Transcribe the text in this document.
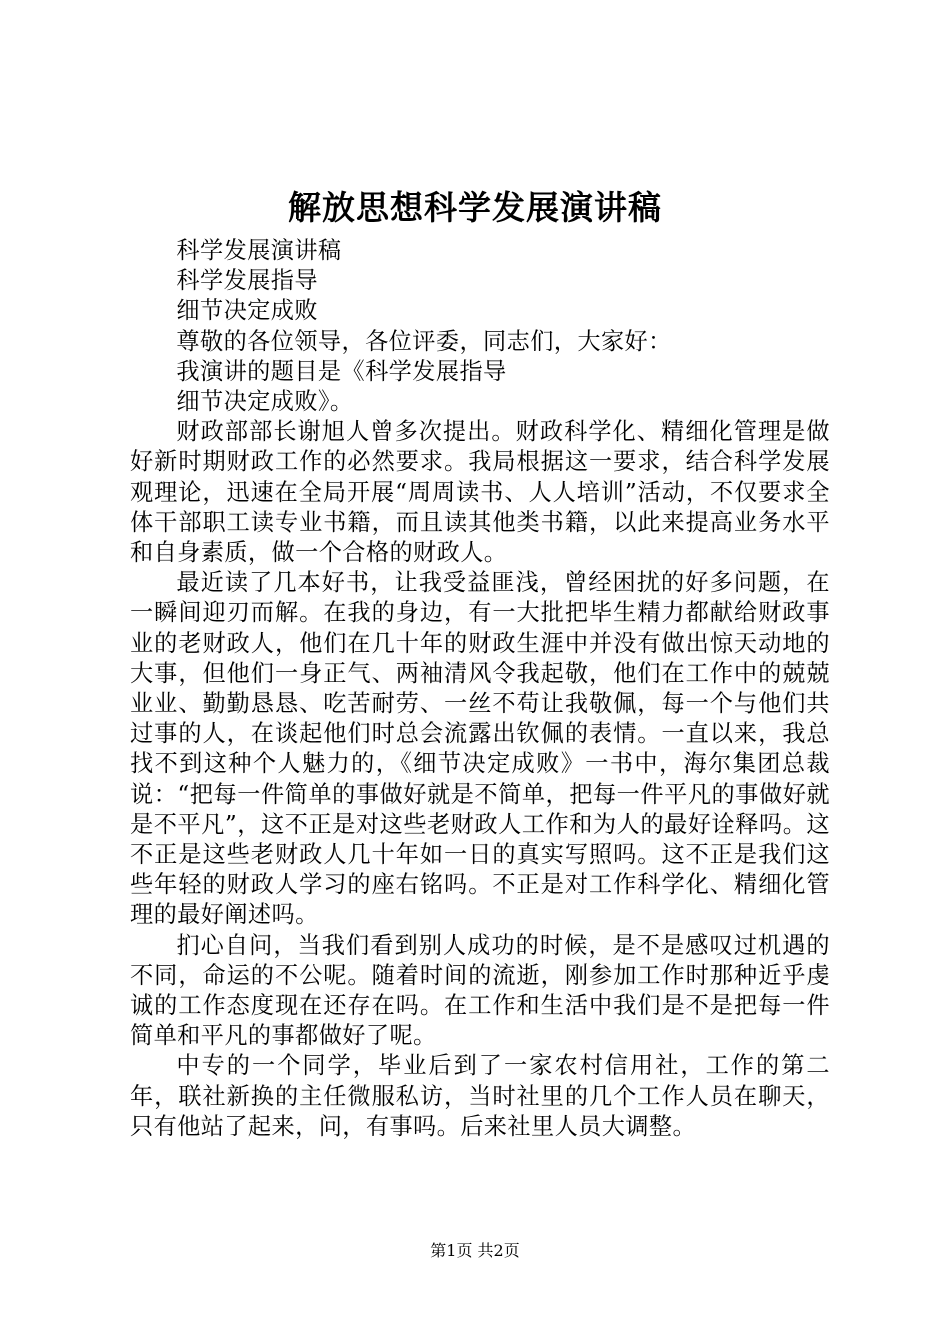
解放思想科学发展演讲稿

科学发展演讲稿

科学发展指导

细节决定成败

尊敬的各位领导，各位评委，同志们，大家好：

我演讲的题目是《科学发展指导

细节决定成败》。

财政部部长谢旭人曾多次提出。财政科学化、精细化管理是做好新时期财政工作的必然要求。我局根据这一要求，结合科学发展观理论，迅速在全局开展“周周读书、人人培训”活动，不仅要求全体干部职工读专业书籍，而且读其他类书籍，以此来提高业务水平和自身素质，做一个合格的财政人。

最近读了几本好书，让我受益匪浅，曾经困扰的好多问题，在一瞬间迎刃而解。在我的身边，有一大批把毕生精力都献给财政事业的老财政人，他们在几十年的财政生涯中并没有做出惊天动地的大事，但他们一身正气、两袖清风令我起敬，他们在工作中的兢兢业业、勤勤恳恳、吃苦耐劳、一丝不苟让我敬佩，每一个与他们共过事的人，在谈起他们时总会流露出钦佩的表情。一直以来，我总找不到这种个人魅力的，《细节决定成败》一书中，海尔集团总裁说：“把每一件简单的事做好就是不简单，把每一件平凡的事做好就是不平凡”，这不正是对这些老财政人工作和为人的最好诠释吗。这不正是这些老财政人几十年如一日的真实写照吗。这不正是我们这些年轻的财政人学习的座右铭吗。不正是对工作科学化、精细化管理的最好阐述吗。

扪心自问，当我们看到别人成功的时候，是不是感叹过机遇的不同，命运的不公呢。随着时间的流逝，刚参加工作时那种近乎虔诚的工作态度现在还存在吗。在工作和生活中我们是不是把每一件简单和平凡的事都做好了呢。

中专的一个同学，毕业后到了一家农村信用社，工作的第二年，联社新换的主任微服私访，当时社里的几个工作人员在聊天，只有他站了起来，问，有事吗。后来社里人员大调整。

第1页 共2页
